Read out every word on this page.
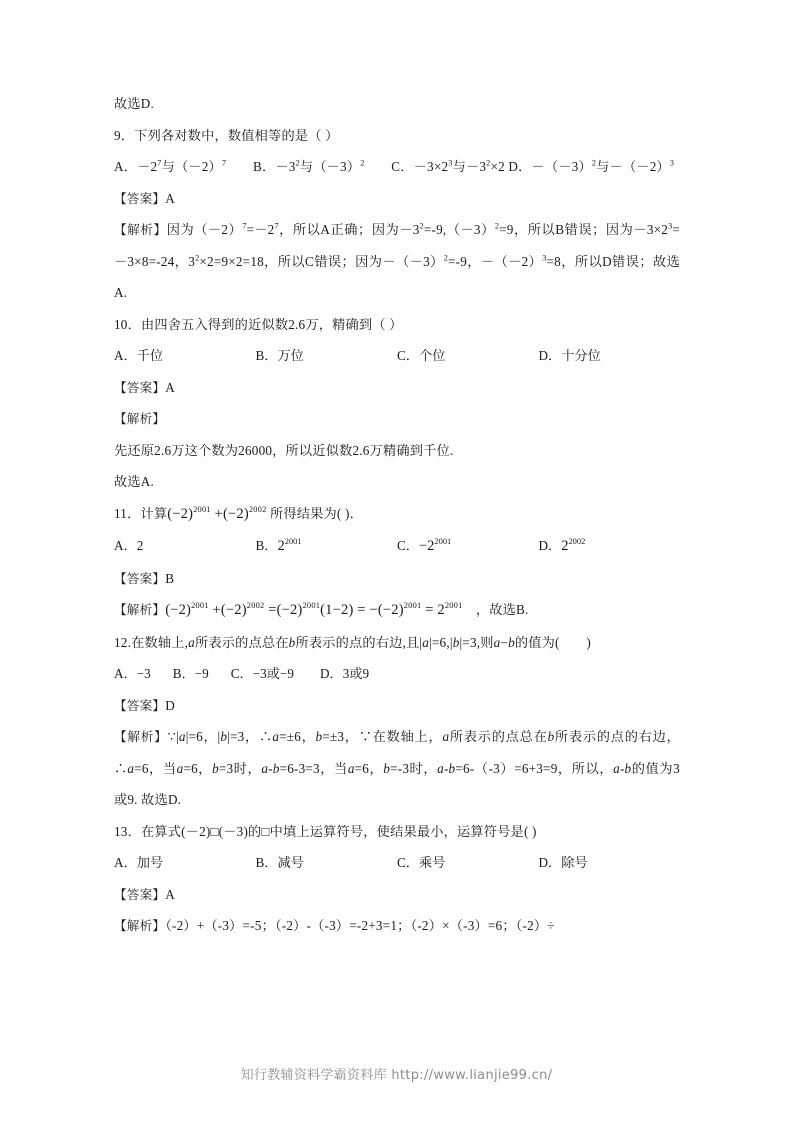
故选D.
9．下列各对数中，数值相等的是（ ）
A．$-2^7$与$(-2)^7$　　B．$-3^2$与$(-3)^2$　　C．$-3\times 2^3$与$-3^2\times 2$ D．$-(-3)^2$与$-(-2)^3$
【答案】A
【解析】因为$(-2)^7=-2^7$，所以A正确；因为$-3^2=-9,(-3)^2=9$，所以B错误；因为$-3\times 2^3=-3\times 8=-24$，$3^2\times 2=9\times 2=18$，所以C错误；因为$-(-3)^2=-9$，$-(-2)^3=8$，所以D错误；故选A.
10．由四舍五入得到的近似数2.6万，精确到（ ）
A．千位	B．万位	C．个位	D．十分位
【答案】A
【解析】
先还原2.6万这个数为26000，所以近似数2.6万精确到千位.
故选A.
11．计算$(-2)^{2001} +(-2)^{2002}$ 所得结果为( )．
A．2	B．$2^{2001}$	C．$-2^{2001}$	D．$2^{2002}$
【答案】B
【解析】$(-2)^{2001} +(-2)^{2002} =(-2)^{2001}(1-2) = -(-2)^{2001} = 2^{2001}$　，故选B.
12.在数轴上,a所表示的点总在b所表示的点的右边,且|a|=6,|b|=3,则a−b的值为(　　)
A．−3 B．−9 C．−3或−9 D．3或9
【答案】D
【解析】∵|a|=6，|b|=3，∴a=±6，b=±3，∵在数轴上，a所表示的点总在b所表示的点的右边，∴a=6，当a=6，b=3时，a-b=6-3=3，当a=6，b=-3时，a-b=6-（-3）=6+3=9，所以，a-b的值为3或9. 故选D.
13．在算式(－2)□(－3)的□中填上运算符号，使结果最小，运算符号是( )
A．加号	B．减号	C．乘号	D．除号
【答案】A
【解析】（-2）+（-3）=-5；（-2）-（-3）=-2+3=1；（-2）×（-3）=6；（-2）÷
知行教辅资料学霸资料库 http://www.lianjie99.cn/
